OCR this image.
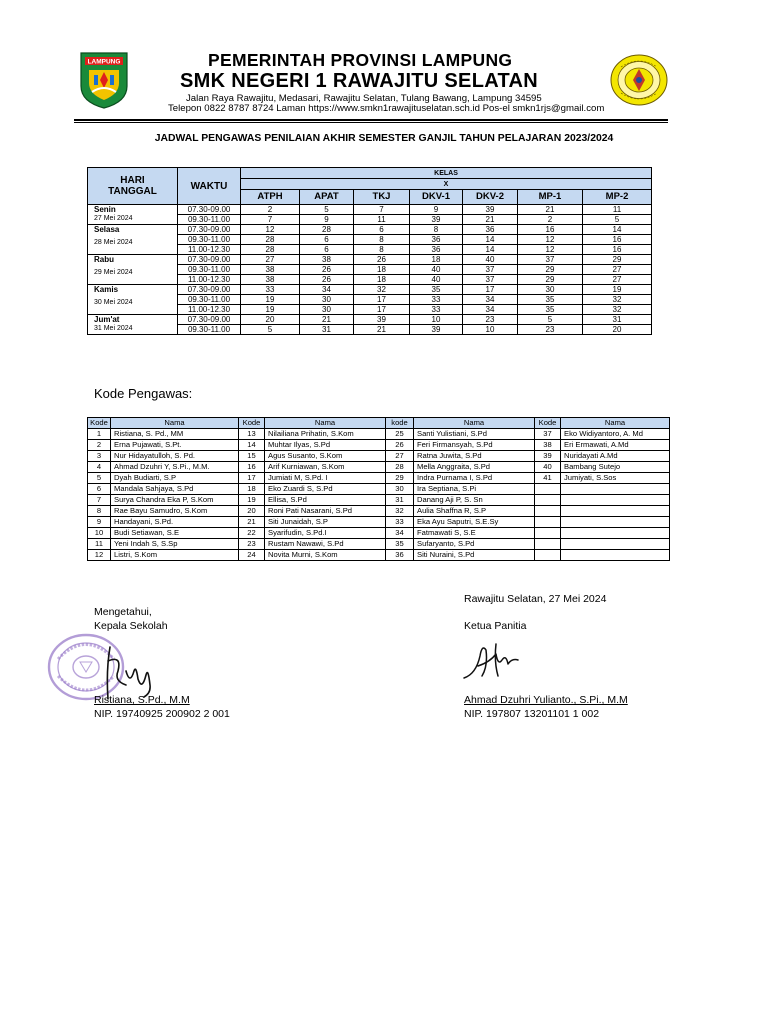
LAMPUNG	PEMERINTAH PROVINSI LAMPUNG
SMK NEGERI 1 RAWAJITU SELATAN
Jalan Raya Rawajitu, Medasari, Rawajitu Selatan, Tulang Bawang, Lampung 34595
Telepon 0822 8787 8724 Laman https://www.smkn1rawajituselatan.sch.id Pos-el smkn1rjs@gmail.com
JADWAL PENGAWAS PENILAIAN AKHIR SEMESTER GANJIL TAHUN PELAJARAN 2023/2024
HARI
TANGGAL	WAKTU	KELAS						
		X						
		ATPH	APAT	TKJ	DKV-1	DKV-2	MP-1	MP-2

Senin
27 Mei 2024	07.30-09.00	2	5	7	9	39	21	11
	09.30-11.00	7	9	11	39	21	2	5

Selasa
28 Mei 2024	07.30-09.00	12	28	6	8	36	16	14
	09.30-11.00	28	6	8	36	14	12	16
	11.00-12.30	28	6	8	36	14	12	16

Rabu
29 Mei 2024	07.30-09.00	27	38	26	18	40	37	29
	09.30-11.00	38	26	18	40	37	29	27
	11.00-12.30	38	26	18	40	37	29	27

Kamis
30 Mei 2024	07.30-09.00	33	34	32	35	17	30	19
	09.30-11.00	19	30	17	33	34	35	32
	11.00-12.30	19	30	17	33	34	35	32

Jum'at
31 Mei 2024	07.30-09.00	20	21	39	10	23	5	31
	09.30-11.00	5	31	21	39	10	23	20
Kode Pengawas:
Kode	Nama	Kode	Nama	kode	Nama	Kode	Nama
1	Ristiana, S. Pd., MM	13	Nilailiana Prihatin, S.Kom	25	Santi Yulistiani, S.Pd	37	Eko Widiyantoro, A. Md
2	Erna Pujawati, S.Pt.	14	Muhtar Ilyas, S.Pd	26	Feri Firmansyah, S.Pd	38	Eri Ermawati, A.Md
3	Nur Hidayatulloh, S. Pd.	15	Agus Susanto, S.Kom	27	Ratna Juwita, S.Pd	39	Nuridayati A.Md
4	Ahmad Dzuhri Y, S.Pi., M.M.	16	Arif Kurniawan, S.Kom	28	Mella Anggraita, S.Pd	40	Bambang Sutejo
5	Dyah Budiarti, S.P	17	Jumiati M, S.Pd. I	29	Indra Purnama I, S.Pd	41	Jumiyati, S.Sos
6	Mandala Sahjaya, S.Pd	18	Eko Zuardi S, S.Pd	30	Ira Septiana, S.Pi		
7	Surya Chandra Eka P, S.Kom	19	Ellisa, S.Pd	31	Danang Aji P, S. Sn		
8	Rae Bayu Samudro, S.Kom	20	Roni Pati Nasarani, S.Pd	32	Aulia Shaffna R, S.P		
9	Handayani, S.Pd.	21	Siti Junaidah, S.P	33	Eka Ayu Saputri, S.E.Sy		
10	Budi Setiawan, S.E	22	Syarifudin, S.Pd.I	34	Fatmawati S, S.E		
11	Yeni Indah S, S.Sp	23	Rustam Nawawi, S.Pd	35	Sufaryanto, S.Pd		
12	Listri, S.Kom	24	Novita Murni, S.Kom	36	Siti Nuraini, S.Pd		
Rawajitu Selatan, 27 Mei 2024
Mengetahui,
Kepala Sekolah	Ketua Panitia
Ristiana, S.Pd., M.M
NIP. 19740925 200902 2 001
Ahmad Dzuhri Yulianto., S.Pi., M.M
NIP. 197807 13201101 1 002
